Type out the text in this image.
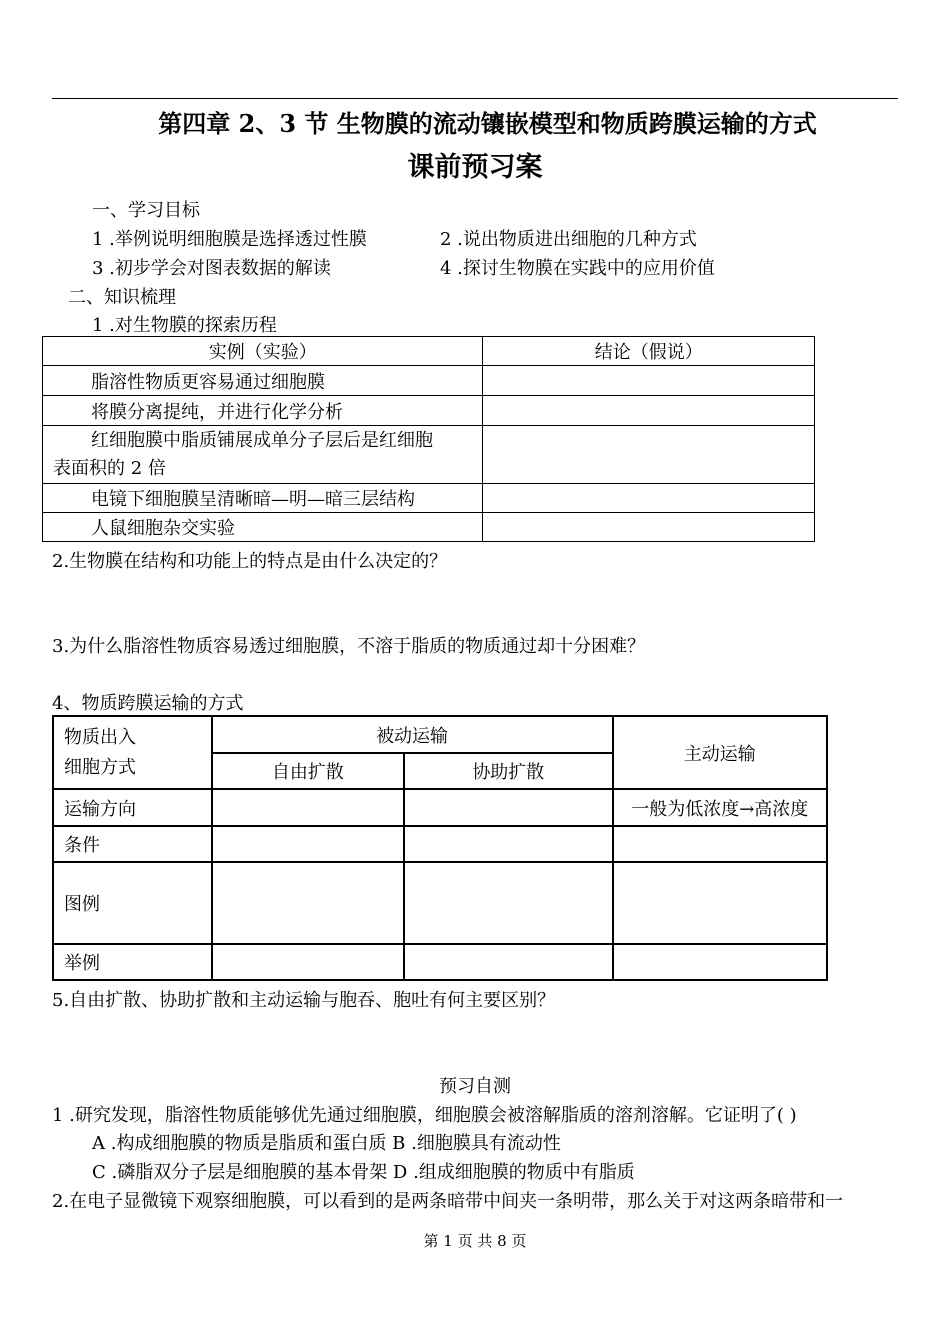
第四章 2、3 节 生物膜的流动镶嵌模型和物质跨膜运输的方式
课前预习案
一、学习目标
1 .举例说明细胞膜是选择透过性膜	2 .说出物质进出细胞的几种方式
3 .初步学会对图表数据的解读	4 .探讨生物膜在实践中的应用价值
二、知识梳理
1 .对生物膜的探索历程
实例（实验）	结论（假说）
脂溶性物质更容易通过细胞膜	
将膜分离提纯，并进行化学分析	

红细胞膜中脂质铺展成单分子层后是红细胞
表面积的 2 倍	

电镜下细胞膜呈清晰暗—明—暗三层结构	
人鼠细胞杂交实验	
2.生物膜在结构和功能上的特点是由什么决定的？
3.为什么脂溶性物质容易透过细胞膜，不溶于脂质的物质通过却十分困难？
4、物质跨膜运输的方式
物质出入
细胞方式	被动运输		主动运输
	自由扩散	协助扩散	
运输方向			一般为低浓度→高浓度
条件			
图例			
举例			
5.自由扩散、协助扩散和主动运输与胞吞、胞吐有何主要区别？
预习自测
1 .研究发现，脂溶性物质能够优先通过细胞膜，细胞膜会被溶解脂质的溶剂溶解。它证明了( )
A .构成细胞膜的物质是脂质和蛋白质 B .细胞膜具有流动性
C .磷脂双分子层是细胞膜的基本骨架 D .组成细胞膜的物质中有脂质
2.在电子显微镜下观察细胞膜，可以看到的是两条暗带中间夹一条明带，那么关于对这两条暗带和一
第 1 页 共 8 页
